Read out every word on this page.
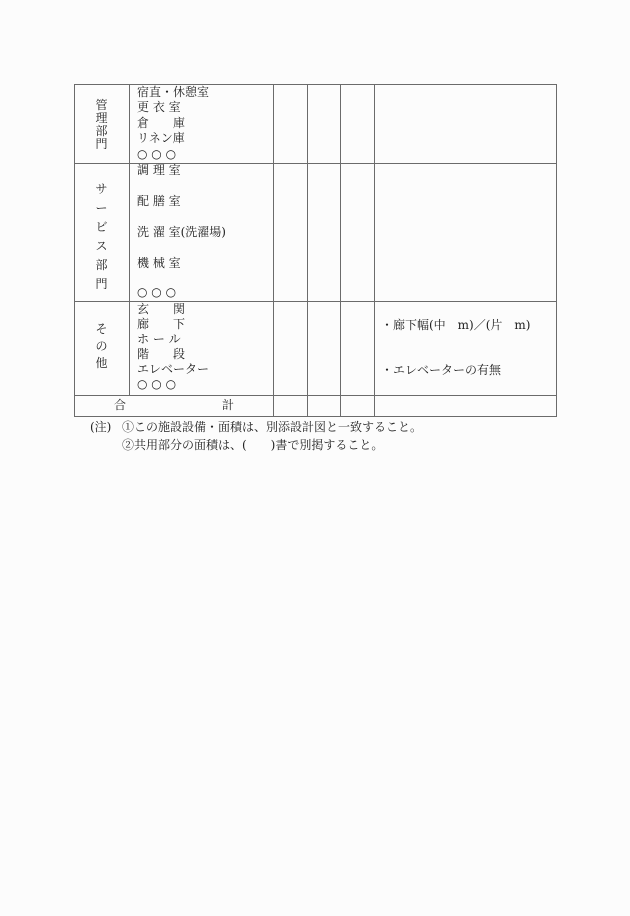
管
理
部
門
宿直・休憩室
更 衣 室
倉　　庫
リネン庫
○ ○ ○
サ
ー
ビ
ス
部
門
調 理 室
配 膳 室
洗 濯 室(洗濯場)
機 械 室
○ ○ ○
そ
の
他
玄　　関
廊　　下
ホ ー ル
階　　段
エレベーター
○ ○ ○
・廊下幅(中　m)／(片　m)
・エレベーターの有無
合	計
(注) ①この施設設備・面積は、別添設計図と一致すること。
②共用部分の面積は、(　　)書で別掲すること。
